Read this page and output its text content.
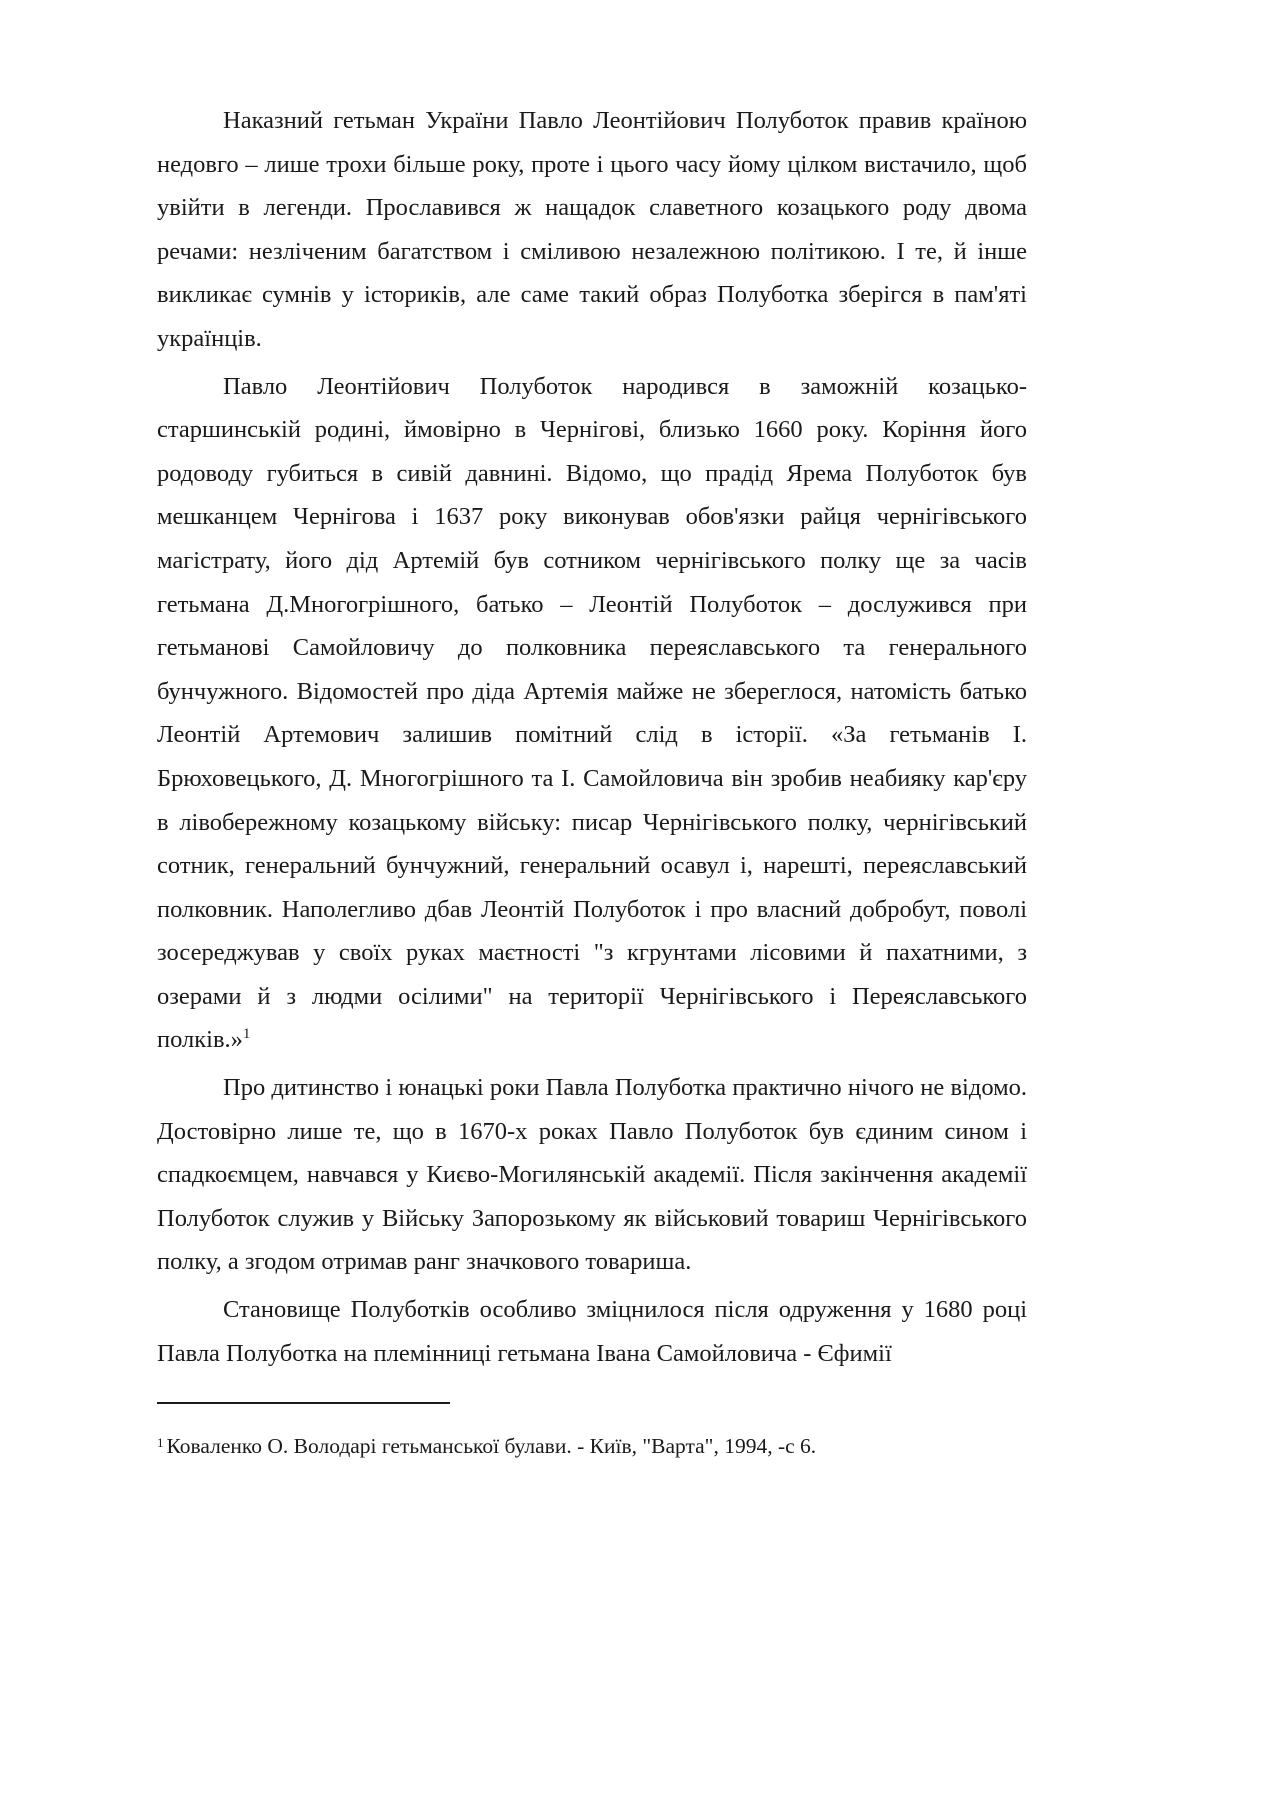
Наказний гетьман України Павло Леонтійович Полуботок правив країною недовго – лише трохи більше року, проте і цього часу йому цілком вистачило, щоб увійти в легенди. Прославився ж нащадок славетного козацького роду двома речами: незліченим багатством і сміливою незалежною політикою. І те, й інше викликає сумнів у істориків, але саме такий образ Полуботка зберігся в пам'яті українців.

Павло Леонтійович Полуботок народився в заможній козацько-старшинській родині, ймовірно в Чернігові, близько 1660 року. Коріння його родоводу губиться в сивій давнині. Відомо, що прадід Ярема Полуботок був мешканцем Чернігова і 1637 року виконував обов'язки райця чернігівського магістрату, його дід Артемій був сотником чернігівського полку ще за часів гетьмана Д.Многогрішного, батько – Леонтій Полуботок – дослужився при гетьманові Самойловичу до полковника переяславського та генерального бунчужного. Відомостей про діда Артемія майже не збереглося, натомість батько Леонтій Артемович залишив помітний слід в історії. «За гетьманів І. Брюховецького, Д. Многогрішного та І. Самойловича він зробив неабияку кар'єру в лівобережному козацькому війську: писар Чернігівського полку, чернігівський сотник, генеральний бунчужний, генеральний осавул і, нарешті, переяславський полковник. Наполегливо дбав Леонтій Полуботок і про власний добробут, поволі зосереджував у своїх руках маєтності "з кгрунтами лісовими й пахатними, з озерами й з людми осілими" на території Чернігівського і Переяславського полків.»$^1$

Про дитинство і юнацькі роки Павла Полуботка практично нічого не відомо. Достовірно лише те, що в 1670-х роках Павло Полуботок був єдиним сином і спадкоємцем, навчався у Києво-Могилянській академії. Після закінчення академії Полуботок служив у Війську Запорозькому як військовий товариш Чернігівського полку, а згодом отримав ранг значкового товариша.

Становище Полуботків особливо зміцнилося після одруження у 1680 році Павла Полуботка на племінниці гетьмана Івана Самойловича - Єфимії

$^1$ Коваленко О. Володарі гетьманської булави. - Київ, "Варта", 1994, -с 6.
